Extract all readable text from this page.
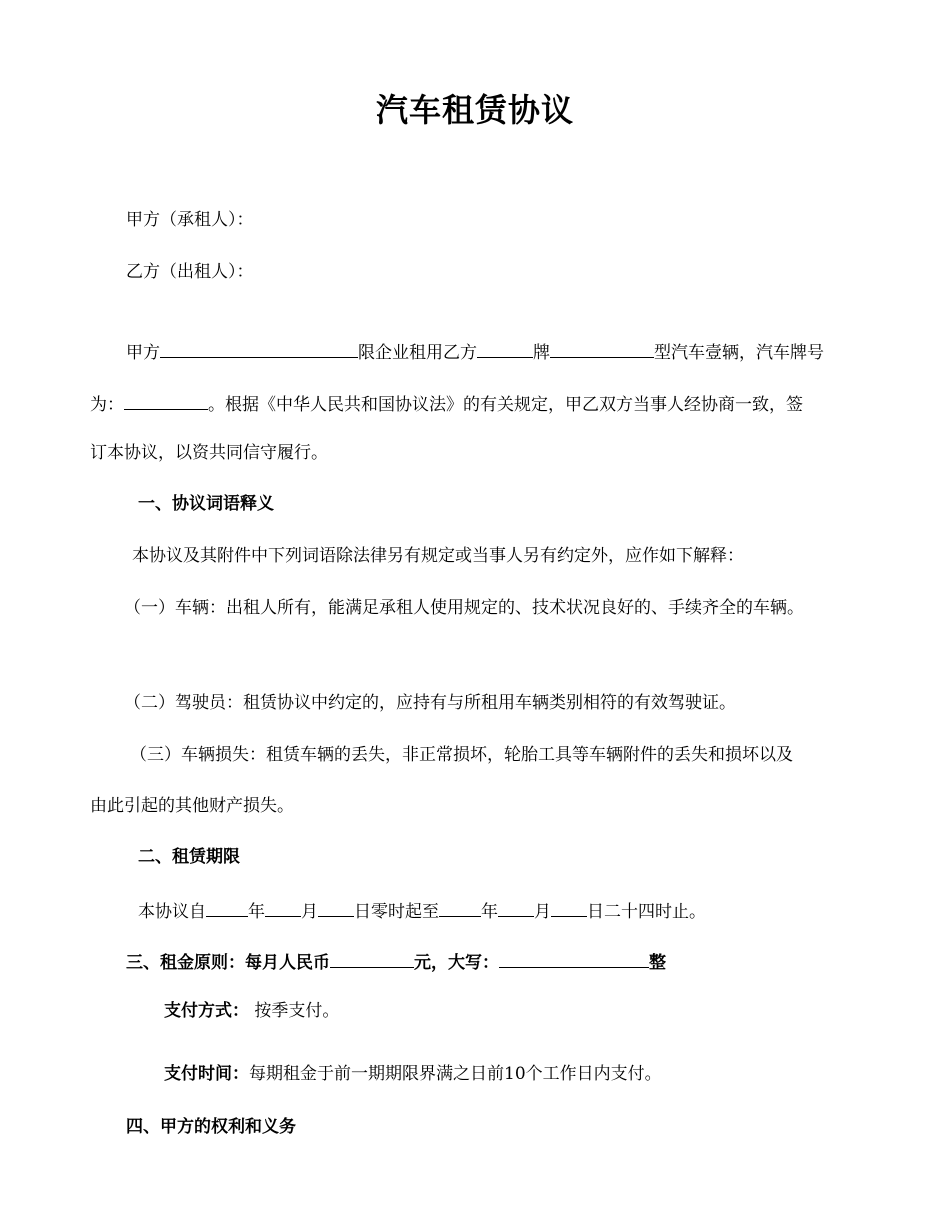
汽车租赁协议
甲方（承租人）：
乙方（出租人）：
甲方	限企业租用乙方	牌	型汽车壹辆，汽车牌号
为：	。根据《中华人民共和国协议法》的有关规定，甲乙双方当事人经协商一致，签
订本协议，以资共同信守履行。
一、协议词语释义
本协议及其附件中下列词语除法律另有规定或当事人另有约定外，应作如下解释：
（一）车辆：出租人所有，能满足承租人使用规定的、技术状况良好的、手续齐全的车辆。
（二）驾驶员：租赁协议中约定的，应持有与所租用车辆类别相符的有效驾驶证。
（三）车辆损失：租赁车辆的丢失，非正常损坏，轮胎工具等车辆附件的丢失和损坏以及
由此引起的其他财产损失。
二、租赁期限
本协议自 年 月 日零时起至 年 月 日二十四时止。
三、租金原则：每月人民币	元，大写：	整
支付方式： 按季支付。
支付时间：每期租金于前一期期限界满之日前10个工作日内支付。
四、甲方的权利和义务
